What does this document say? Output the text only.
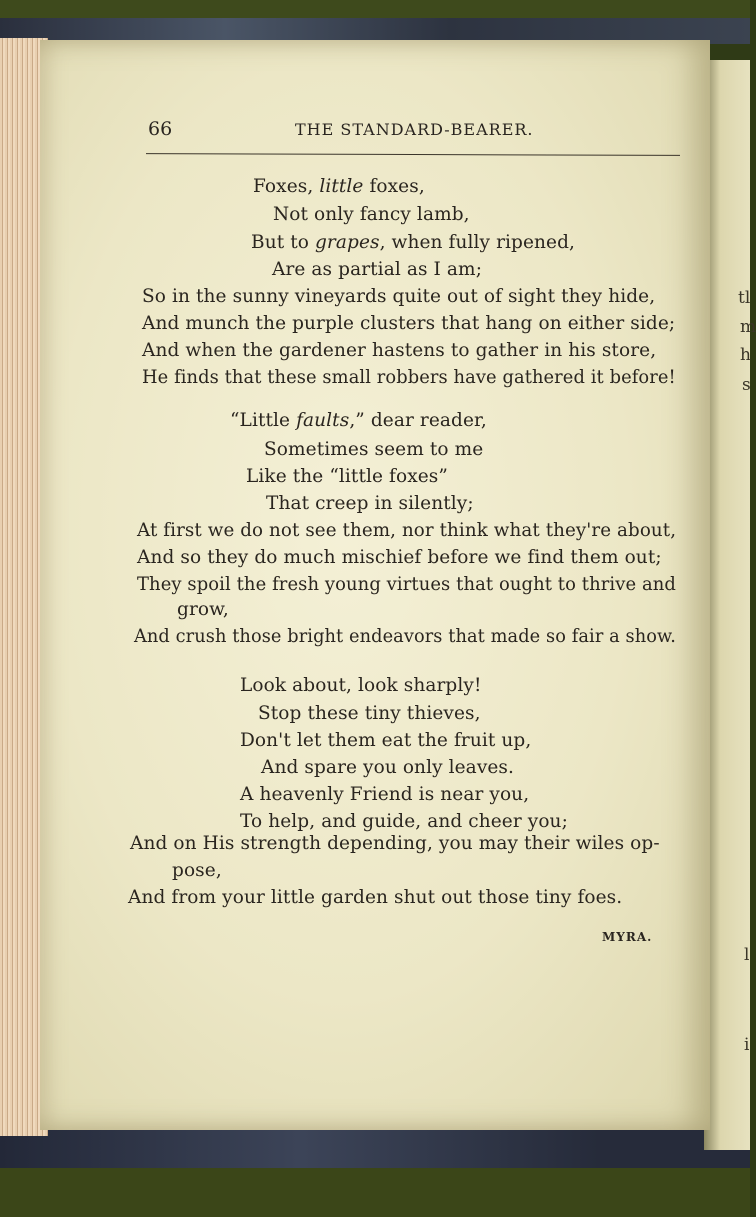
tl
m
h
s
l
i
66	THE STANDARD-BEARER.
Foxes, little foxes,
Not only fancy lamb,
But to grapes, when fully ripened,
Are as partial as I am;
So in the sunny vineyards quite out of sight they hide,
And munch the purple clusters that hang on either side;
And when the gardener hastens to gather in his store,
He finds that these small robbers have gathered it before!
“Little faults,” dear reader,
Sometimes seem to me
Like the “little foxes”
That creep in silently;
At first we do not see them, nor think what they're about,
And so they do much mischief before we find them out;
They spoil the fresh young virtues that ought to thrive and
grow,
And crush those bright endeavors that made so fair a show.
Look about, look sharply!
Stop these tiny thieves,
Don't let them eat the fruit up,
And spare you only leaves.
A heavenly Friend is near you,
To help, and guide, and cheer you;
And on His strength depending, you may their wiles op-
pose,
And from your little garden shut out those tiny foes.
MYRA.
